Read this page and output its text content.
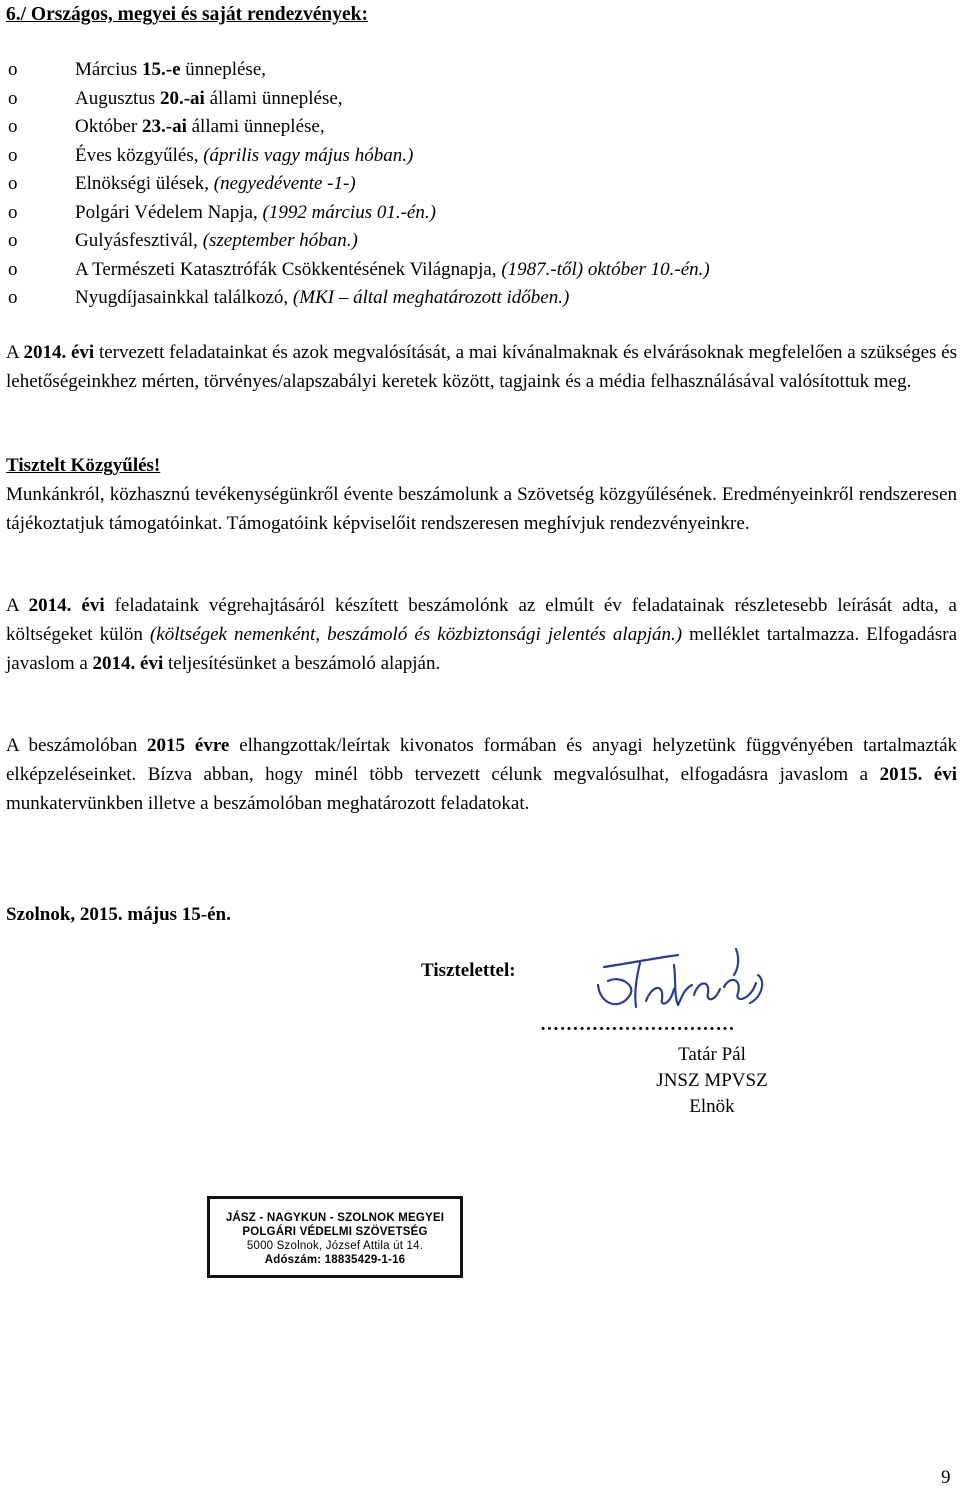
6./ Országos, megyei és saját rendezvények:
o	Március 15.-e ünneplése,
o	Augusztus 20.-ai állami ünneplése,
o	Október 23.-ai állami ünneplése,
o	Éves közgyűlés, (április vagy május hóban.)
o	Elnökségi ülések, (negyedévente -1-)
o	Polgári Védelem Napja, (1992 március 01.-én.)
o	Gulyásfesztivál, (szeptember hóban.)
o	A Természeti Katasztrófák Csökkentésének Világnapja, (1987.-től) október 10.-én.)
o	Nyugdíjasainkkal találkozó, (MKI – által meghatározott időben.)

A 2014. évi tervezett feladatainkat és azok megvalósítását, a mai kívánalmaknak és elvárásoknak megfelelően a szükséges és lehetőségeinkhez mérten, törvényes/alapszabályi keretek között, tagjaink és a média felhasználásával valósítottuk meg.

Tisztelt Közgyűlés!
Munkánkról, közhasznú tevékenységünkről évente beszámolunk a Szövetség közgyűlésének. Eredményeinkről rendszeresen tájékoztatjuk támogatóinkat. Támogatóink képviselőit rendszeresen meghívjuk rendezvényeinkre.

A 2014. évi feladataink végrehajtásáról készített beszámolónk az elmúlt év feladatainak részletesebb leírását adta, a költségeket külön (költségek nemenként, beszámoló és közbiztonsági jelentés alapján.) melléklet tartalmazza. Elfogadásra javaslom a 2014. évi teljesítésünket a beszámoló alapján.

A beszámolóban 2015 évre elhangzottak/leírtak kivonatos formában és anyagi helyzetünk függvényében tartalmazták elképzeléseinket. Bízva abban, hogy minél több tervezett célunk megvalósulhat, elfogadásra javaslom a 2015. évi munkatervünkben illetve a beszámolóban meghatározott feladatokat.

Szolnok, 2015. május 15-én.

Tisztelettel:

…………………………

Tatár Pál
JNSZ MPVSZ
Elnök

JÁSZ - NAGYKUN - SZOLNOK MEGYEI
POLGÁRI VÉDELMI SZÖVETSÉG
5000 Szolnok, József Attila út 14.
Adószám: 18835429-1-16

9
